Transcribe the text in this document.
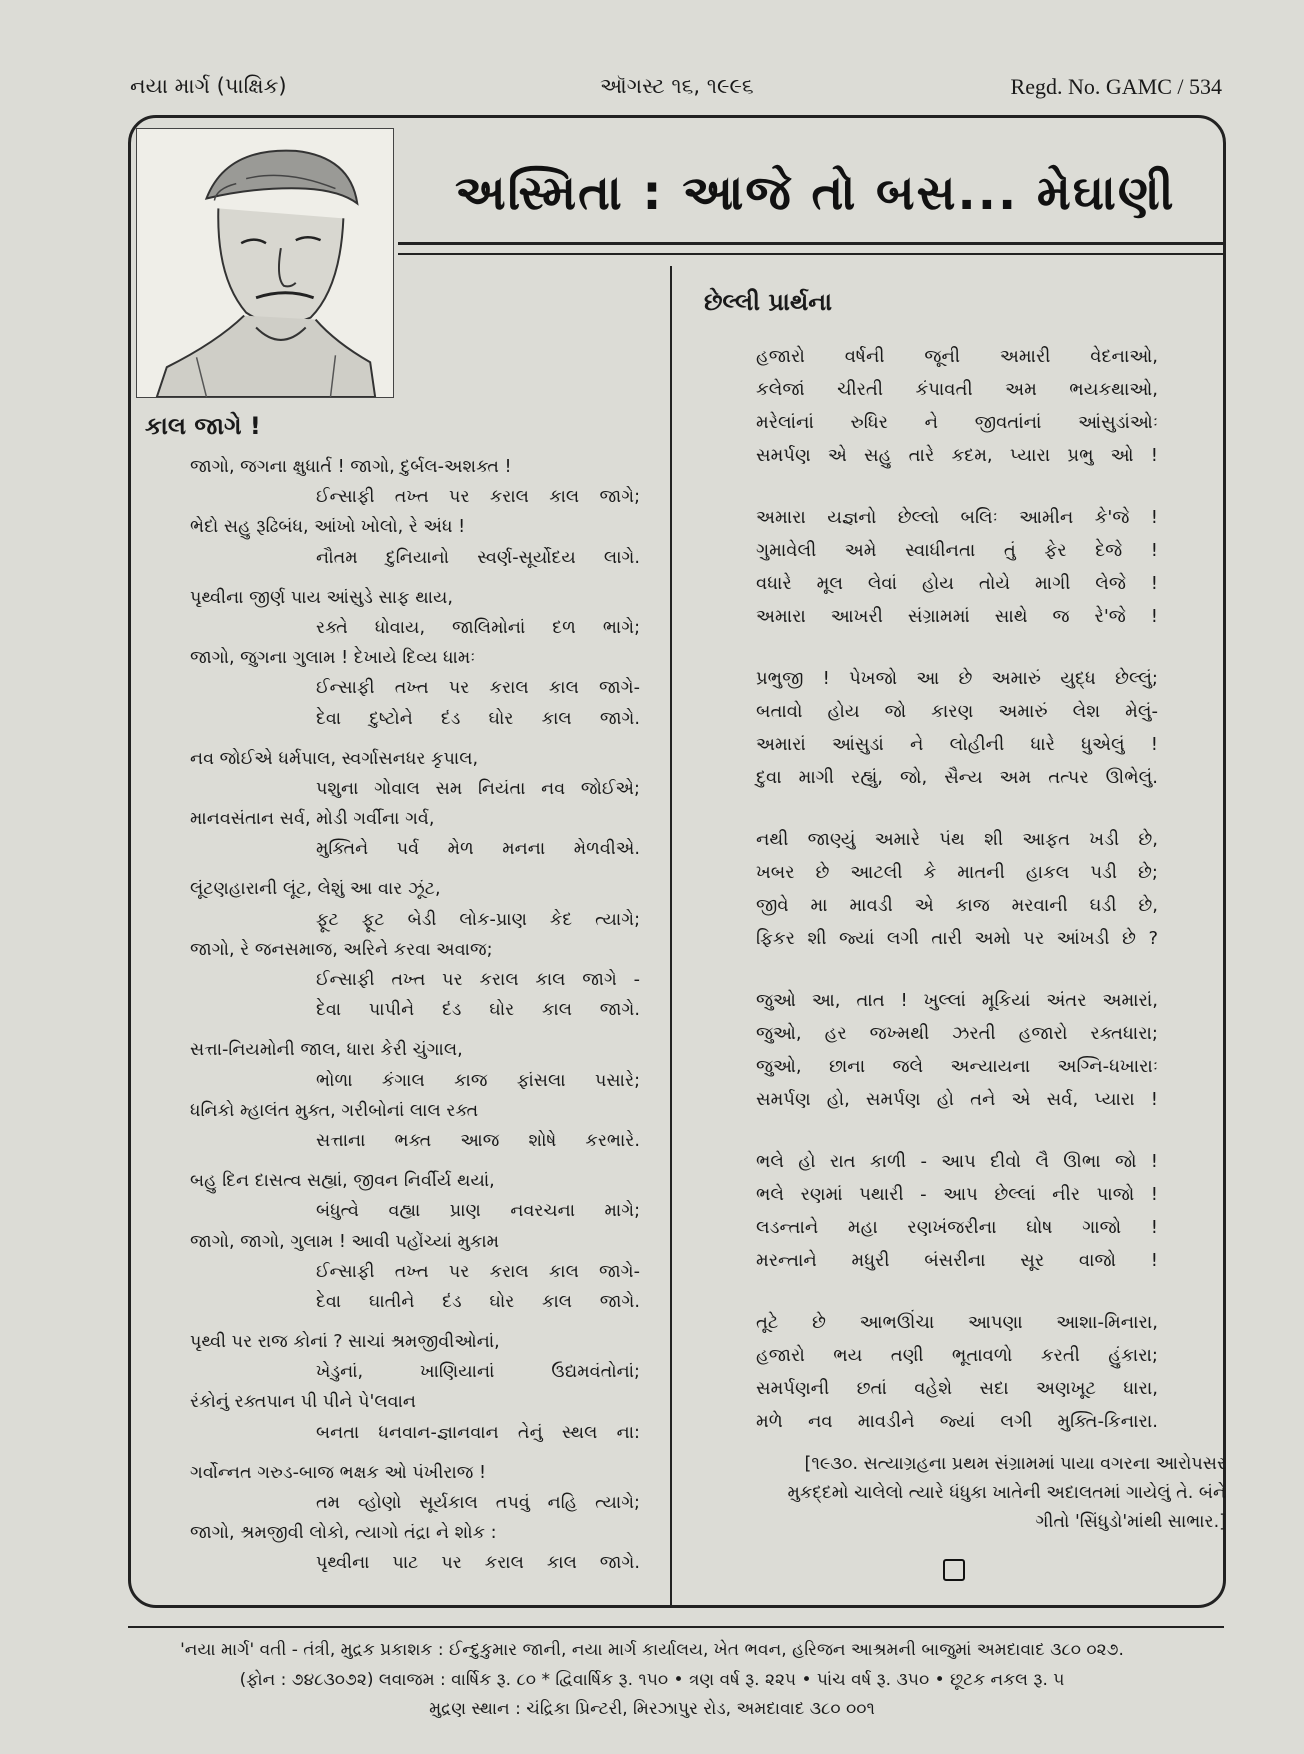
નયા માર્ગ (પાક્ષિક)	ઑગસ્ટ ૧૬, ૧૯૯૬	Regd. No. GAMC / 534
અસ્મિતા : આજે તો બસ... મેઘાણી
કાલ જાગે !
જાગો, જગના ક્ષુધાર્ત ! જાગો, દુર્બલ-અશક્ત !
ઈન્સાફી તખ્ત પર કરાલ કાલ જાગે;
ભેદો સહુ રૂઢિબંધ, આંખો ખોલો, રે અંધ !
નૌતમ દુનિયાનો સ્વર્ણ-સૂર્યોદય લાગે.
પૃથ્વીના જીર્ણ પાય આંસુડે સાફ થાય,
રક્તે ધોવાય, જાલિમોનાં દળ ભાગે;
જાગો, જુગના ગુલામ ! દેખાયે દિવ્ય ધામઃ
ઈન્સાફી તખ્ત પર કરાલ કાલ જાગે-
દેવા દુષ્ટોને દંડ ઘોર કાલ જાગે.
નવ જોઈએ ધર્મપાલ, સ્વર્ગાસનધર કૃપાલ,
પશુના ગોવાલ સમ નિયંતા નવ જોઈએ;
માનવસંતાન સર્વ, મોડી ગર્વીના ગર્વ,
મુક્તિને પર્વ મેળ મનના મેળવીએ.
લૂંટણહારાની લૂંટ, લેશું આ વાર ઝૂંટ,
ફૂટ ફૂટ બેડી લોક-પ્રાણ કેદ ત્યાગે;
જાગો, રે જનસમાજ, અરિને કરવા અવાજ;
ઈન્સાફી તખ્ત પર કરાલ કાલ જાગે -
દેવા પાપીને દંડ ઘોર કાલ જાગે.
સત્તા-નિયમોની જાલ, ધારા કેરી ચુંગાલ,
ભોળા કંગાલ કાજ ફાંસલા પસારે;
ધનિકો મ્હાલંત મુક્ત, ગરીબોનાં લાલ રક્ત
સત્તાના ભક્ત આજ શોષે કરભારે.
બહુ દિન દાસત્વ સહ્યાં, જીવન નિર્વીર્ય થયાં,
બંધુત્વે વહ્યા પ્રાણ નવરચના માગે;
જાગો, જાગો, ગુલામ ! આવી પહોંચ્યાં મુકામ
ઈન્સાફી તખ્ત પર કરાલ કાલ જાગે-
દેવા ઘાતીને દંડ ઘોર કાલ જાગે.
પૃથ્વી પર રાજ કોનાં ? સાચાં શ્રમજીવીઓનાં,
ખેડુનાં, ખાણિયાનાં ઉદ્યમવંતોનાં;
રંકોનું રક્તપાન પી પીને પે'લવાન
બનતા ધનવાન-જ્ઞાનવાન તેનું સ્થલ ના:
ગર્વોન્નત ગરુડ-બાજ ભક્ષક ઓ પંખીરાજ !
તમ વ્હોણો સૂર્યકાલ તપવું નહિ ત્યાગે;
જાગો, શ્રમજીવી લોકો, ત્યાગો તંદ્રા ને શોક :
પૃથ્વીના પાટ પર કરાલ કાલ જાગે.
છેલ્લી પ્રાર્થના
હજારો વર્ષની જૂની અમારી વેદનાઓ,
કલેજાં ચીરતી કંપાવતી અમ ભયકથાઓ,
મરેલાંનાં રુધિર ને જીવતાંનાં આંસુડાંઓઃ
સમર્પણ એ સહુ તારે કદમ, પ્યારા પ્રભુ ઓ !
અમારા યજ્ઞનો છેલ્લો બલિઃ આમીન કે'જે !
ગુમાવેલી અમે સ્વાધીનતા તું ફેર દેજે !
વધારે મૂલ લેવાં હોય તોયે માગી લેજે !
અમારા આખરી સંગ્રામમાં સાથે જ રે'જે !
પ્રભુજી ! પેખજો આ છે અમારું યુદ્ધ છેલ્લું;
બતાવો હોય જો કારણ અમારું લેશ મેલું-
અમારાં આંસુડાં ને લોહીની ધારે ધુએલું !
દુવા માગી રહ્યું, જો, સૈન્ય અમ તત્પર ઊભેલું.
નથી જાણ્યું અમારે પંથ શી આફત ખડી છે,
ખબર છે આટલી કે માતની હાકલ પડી છે;
જીવે મા માવડી એ કાજ મરવાની ઘડી છે,
ફિકર શી જ્યાં લગી તારી અમો પર આંખડી છે ?
જુઓ આ, તાત ! ખુલ્લાં મૂકિયાં અંતર અમારાં,
જુઓ, હર જખ્મથી ઝરતી હજારો રક્તધારા;
જુઓ, છાના જલે અન્યાયના અગ્નિ-ધખારાઃ
સમર્પણ હો, સમર્પણ હો તને એ સર્વ, પ્યારા !
ભલે હો રાત કાળી - આપ દીવો લૈ ઊભા જો !
ભલે રણમાં પથારી - આપ છેલ્લાં નીર પાજો !
લડન્તાને મહા રણખંજરીના ઘોષ ગાજો !
મરન્તાને મધુરી બંસરીના સૂર વાજો !
તૂટે છે આભઊંચા આપણા આશા-મિનારા,
હજારો ભય તણી ભૂતાવળો કરતી હુંકારા;
સમર્પણની છતાં વહેશે સદા અણખૂટ ધારા,
મળે નવ માવડીને જ્યાં લગી મુક્તિ-કિનારા.
[૧૯૩૦. સત્યાગ્રહના પ્રથમ સંગ્રામમાં પાયા વગરના આરોપસર
મુકદ્દમો ચાલેલો ત્યારે ધંધુકા ખાતેની અદાલતમાં ગાયેલું તે. બંને
ગીતો 'સિંધુડો'માંથી સાભાર.]
'નયા માર્ગ' વતી - તંત્રી, મુદ્રક પ્રકાશક : ઈન્દુકુમાર જાની, નયા માર્ગ કાર્યાલય, ખેત ભવન, હરિજન આશ્રમની બાજુમાં અમદાવાદ ૩૮૦ ૦૨૭.
(ફોન : ૭૪૮૩૦૭૨) લવાજમ : વાર્ષિક રૂ. ૮૦ * દ્વિવાર્ષિક રૂ. ૧૫૦ • ત્રણ વર્ષ રૂ. ૨૨૫ • પાંચ વર્ષ રૂ. ૩૫૦ • છૂટક નકલ રૂ. ૫
મુદ્રણ સ્થાન : ચંદ્રિકા પ્રિન્ટરી, મિરઝાપુર રોડ, અમદાવાદ ૩૮૦ ૦૦૧
